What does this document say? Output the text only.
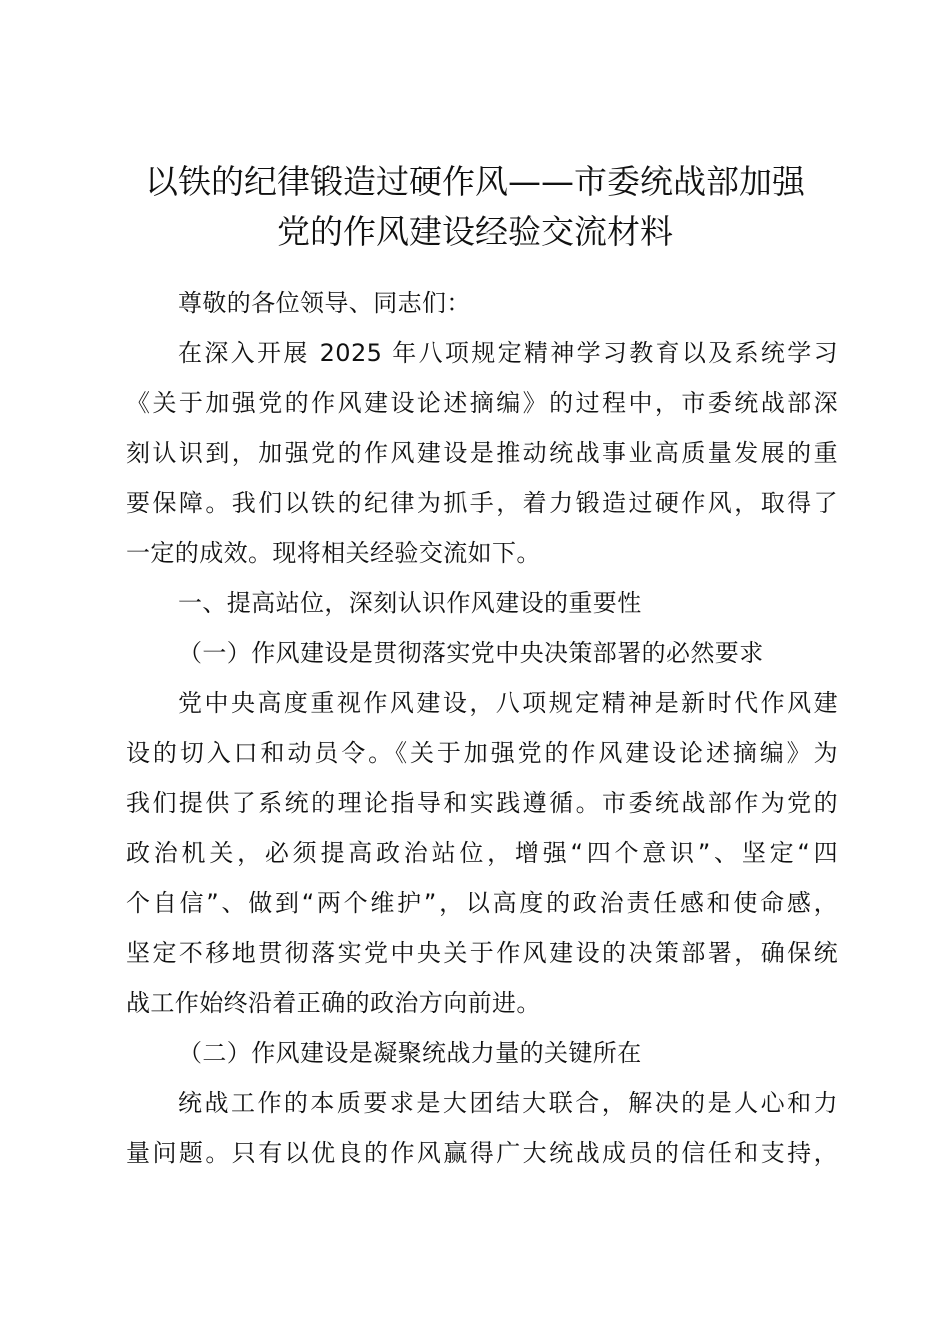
以铁的纪律锻造过硬作风——市委统战部加强
党的作风建设经验交流材料
尊敬的各位领导、同志们：
在深入开展 2025 年八项规定精神学习教育以及系统学习
《关于加强党的作风建设论述摘编》的过程中，市委统战部深
刻认识到，加强党的作风建设是推动统战事业高质量发展的重
要保障。我们以铁的纪律为抓手，着力锻造过硬作风，取得了
一定的成效。现将相关经验交流如下。
一、提高站位，深刻认识作风建设的重要性
（一）作风建设是贯彻落实党中央决策部署的必然要求
党中央高度重视作风建设，八项规定精神是新时代作风建
设的切入口和动员令。《关于加强党的作风建设论述摘编》为
我们提供了系统的理论指导和实践遵循。市委统战部作为党的
政治机关，必须提高政治站位，增强“四个意识”、坚定“四
个自信”、做到“两个维护”，以高度的政治责任感和使命感，
坚定不移地贯彻落实党中央关于作风建设的决策部署，确保统
战工作始终沿着正确的政治方向前进。
（二）作风建设是凝聚统战力量的关键所在
统战工作的本质要求是大团结大联合，解决的是人心和力
量问题。只有以优良的作风赢得广大统战成员的信任和支持，
